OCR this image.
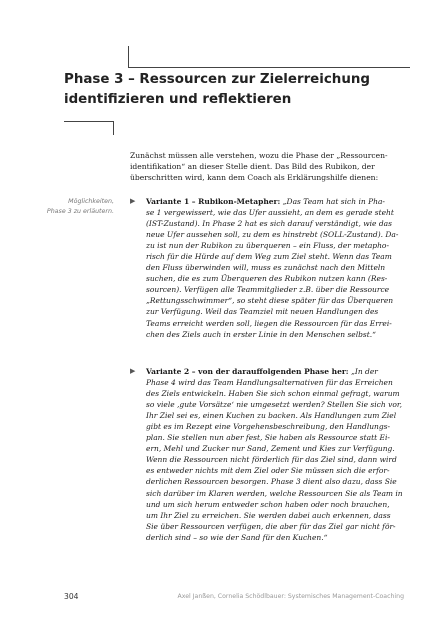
Phase 3 – Ressourcen zur Zielerreichung
identifizieren und reflektieren
Zunächst müssen alle verstehen, wozu die Phase der „Ressourcen-
identifikation“ an dieser Stelle dient. Das Bild des Rubikon, der
überschritten wird, kann dem Coach als Erklärungshilfe dienen:
Möglichkeiten,
Phase 3 zu erläutern.
▶ Variante 1 – Rubikon-Metapher: „Das Team hat sich in Pha-
se 1 vergewissert, wie das Ufer aussieht, an dem es gerade steht
(IST-Zustand). In Phase 2 hat es sich darauf verständigt, wie das
neue Ufer aussehen soll, zu dem es hinstrebt (SOLL-Zustand). Da-
zu ist nun der Rubikon zu überqueren – ein Fluss, der metapho-
risch für die Hürde auf dem Weg zum Ziel steht. Wenn das Team
den Fluss überwinden will, muss es zunächst nach den Mitteln
suchen, die es zum Überqueren des Rubikon nutzen kann (Res-
sourcen). Verfügen alle Teammitglieder z.B. über die Ressource
„Rettungsschwimmer“, so steht diese später für das Überqueren
zur Verfügung. Weil das Teamziel mit neuen Handlungen des
Teams erreicht werden soll, liegen die Ressourcen für das Errei-
chen des Ziels auch in erster Linie in den Menschen selbst.“
▶ Variante 2 – von der darauffolgenden Phase her: „In der
Phase 4 wird das Team Handlungsalternativen für das Erreichen
des Ziels entwickeln. Haben Sie sich schon einmal gefragt, warum
so viele ‚gute Vorsätze‘ nie umgesetzt werden? Stellen Sie sich vor,
Ihr Ziel sei es, einen Kuchen zu backen. Als Handlungen zum Ziel
gibt es im Rezept eine Vorgehensbeschreibung, den Handlungs-
plan. Sie stellen nun aber fest, Sie haben als Ressource statt Ei-
ern, Mehl und Zucker nur Sand, Zement und Kies zur Verfügung.
Wenn die Ressourcen nicht förderlich für das Ziel sind, dann wird
es entweder nichts mit dem Ziel oder Sie müssen sich die erfor-
derlichen Ressourcen besorgen. Phase 3 dient also dazu, dass Sie
sich darüber im Klaren werden, welche Ressourcen Sie als Team in
und um sich herum entweder schon haben oder noch brauchen,
um Ihr Ziel zu erreichen. Sie werden dabei auch erkennen, dass
Sie über Ressourcen verfügen, die aber für das Ziel gar nicht för-
derlich sind – so wie der Sand für den Kuchen.“
304	Axel Janßen, Cornelia Schödlbauer: Systemisches Management-Coaching
